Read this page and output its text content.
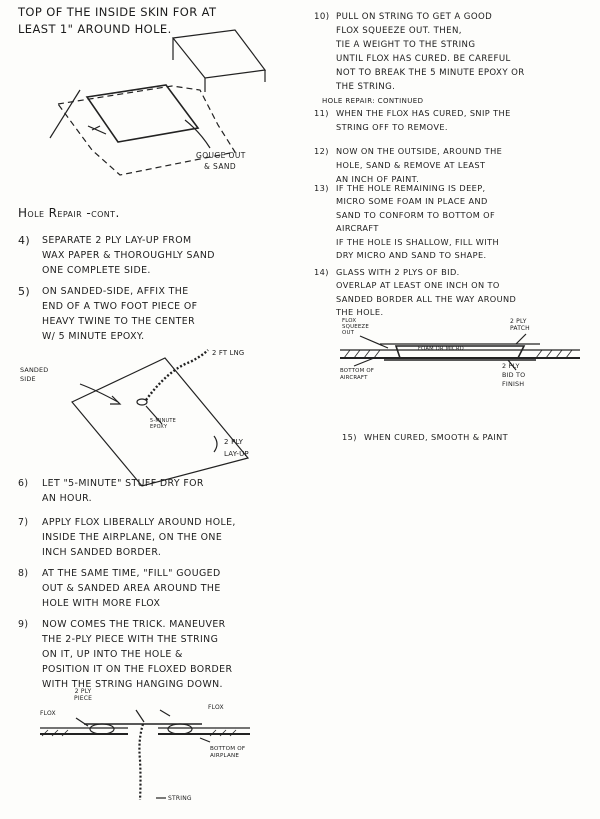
TOP OF THE INSIDE SKIN FOR AT
LEAST 1" AROUND HOLE.
GOUGE OUT
& SAND
Hole Repair -cont.
4) SEPARATE 2 PLY LAY-UP FROM
WAX PAPER & THOROUGHLY SAND
ONE COMPLETE SIDE.
5) ON SANDED-SIDE, AFFIX THE
END OF A TWO FOOT PIECE OF
HEAVY TWINE TO THE CENTER
W/ 5 MINUTE EPOXY.
SANDED
SIDE
2 FT LNG
5-MINUTE
EPOXY
2 PLY
LAY-UP
6) LET "5-MINUTE" STUFF DRY FOR
AN HOUR.
7) APPLY FLOX LIBERALLY AROUND HOLE,
INSIDE THE AIRPLANE, ON THE ONE
INCH SANDED BORDER.
8) AT THE SAME TIME, "FILL" GOUGED
OUT & SANDED AREA AROUND THE
HOLE WITH MORE FLOX
9) NOW COMES THE TRICK. MANEUVER
THE 2-PLY PIECE WITH THE STRING
ON IT, UP INTO THE HOLE &
POSITION IT ON THE FLOXED BORDER
WITH THE STRING HANGING DOWN.
FLOX
2 PLY
PIECE
FLOX
BOTTOM OF
AIRPLANE
STRING
10) PULL ON STRING TO GET A GOOD
FLOX SQUEEZE OUT. THEN,
TIE A WEIGHT TO THE STRING
UNTIL FLOX HAS CURED. BE CAREFUL
NOT TO BREAK THE 5 MINUTE EPOXY OR
THE STRING.
HOLE REPAIR: CONTINUED
11) WHEN THE FLOX HAS CURED, SNIP THE
STRING OFF TO REMOVE.
12) NOW ON THE OUTSIDE, AROUND THE
HOLE, SAND & REMOVE AT LEAST
AN INCH OF PAINT.
13) IF THE HOLE REMAINING IS DEEP,
MICRO SOME FOAM IN PLACE AND
SAND TO CONFORM TO BOTTOM OF
AIRCRAFT
IF THE HOLE IS SHALLOW, FILL WITH
DRY MICRO AND SAND TO SHAPE.
14) GLASS WITH 2 PLYS OF BID.
OVERLAP AT LEAST ONE INCH ON TO
SANDED BORDER ALL THE WAY AROUND
THE HOLE.
FLOX
SQUEEZE
OUT
2 PLY
PATCH
FOAM OR MICRO
BOTTOM OF
AIRCRAFT
2 PLY
BID TO
FINISH
15) WHEN CURED, SMOOTH & PAINT
